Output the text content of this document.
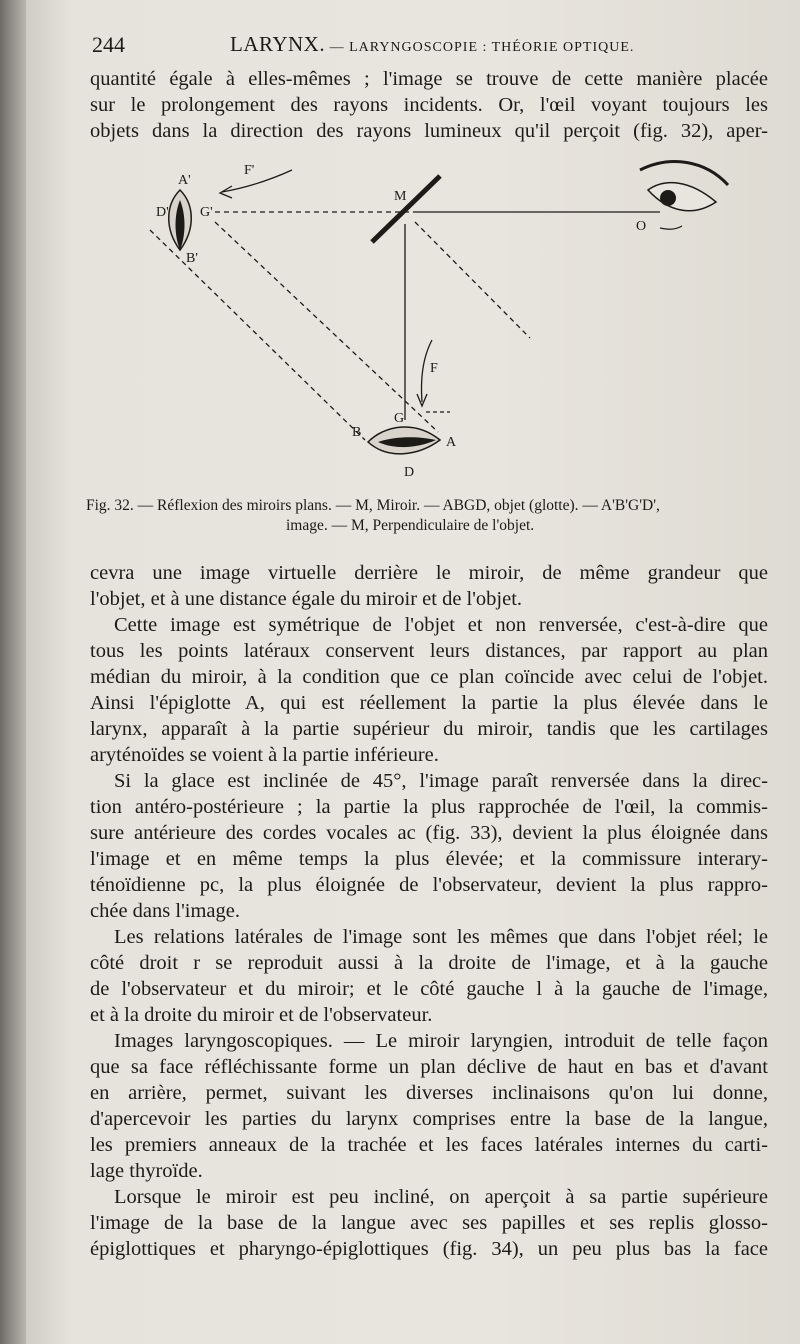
244	LARYNX. — LARYNGOSCOPIE : THÉORIE OPTIQUE.
quantité égale à elles-mêmes ; l'image se trouve de cette manière placée
sur le prolongement des rayons incidents. Or, l'œil voyant toujours les
objets dans la direction des rayons lumineux qu'il perçoit (fig. 32), aper-
A'
F'
D' G'
B'
M
O
F
G
B
A
D
Fig. 32. — Réflexion des miroirs plans. — M, Miroir. — ABGD, objet (glotte). — A'B'G'D',
image. — M, Perpendiculaire de l'objet.
cevra une image virtuelle derrière le miroir, de même grandeur que
l'objet, et à une distance égale du miroir et de l'objet.
Cette image est symétrique de l'objet et non renversée, c'est-à-dire que
tous les points latéraux conservent leurs distances, par rapport au plan
médian du miroir, à la condition que ce plan coïncide avec celui de l'objet.
Ainsi l'épiglotte A, qui est réellement la partie la plus élevée dans le
larynx, apparaît à la partie supérieur du miroir, tandis que les cartilages
aryténoïdes se voient à la partie inférieure.
Si la glace est inclinée de 45°, l'image paraît renversée dans la direc-
tion antéro-postérieure ; la partie la plus rapprochée de l'œil, la commis-
sure antérieure des cordes vocales ac (fig. 33), devient la plus éloignée dans
l'image et en même temps la plus élevée; et la commissure interary-
ténoïdienne pc, la plus éloignée de l'observateur, devient la plus rappro-
chée dans l'image.
Les relations latérales de l'image sont les mêmes que dans l'objet réel; le
côté droit r se reproduit aussi à la droite de l'image, et à la gauche
de l'observateur et du miroir; et le côté gauche l à la gauche de l'image,
et à la droite du miroir et de l'observateur.
Images laryngoscopiques. — Le miroir laryngien, introduit de telle façon
que sa face réfléchissante forme un plan déclive de haut en bas et d'avant
en arrière, permet, suivant les diverses inclinaisons qu'on lui donne,
d'apercevoir les parties du larynx comprises entre la base de la langue,
les premiers anneaux de la trachée et les faces latérales internes du carti-
lage thyroïde.
Lorsque le miroir est peu incliné, on aperçoit à sa partie supérieure
l'image de la base de la langue avec ses papilles et ses replis glosso-
épiglottiques et pharyngo-épiglottiques (fig. 34), un peu plus bas la face
